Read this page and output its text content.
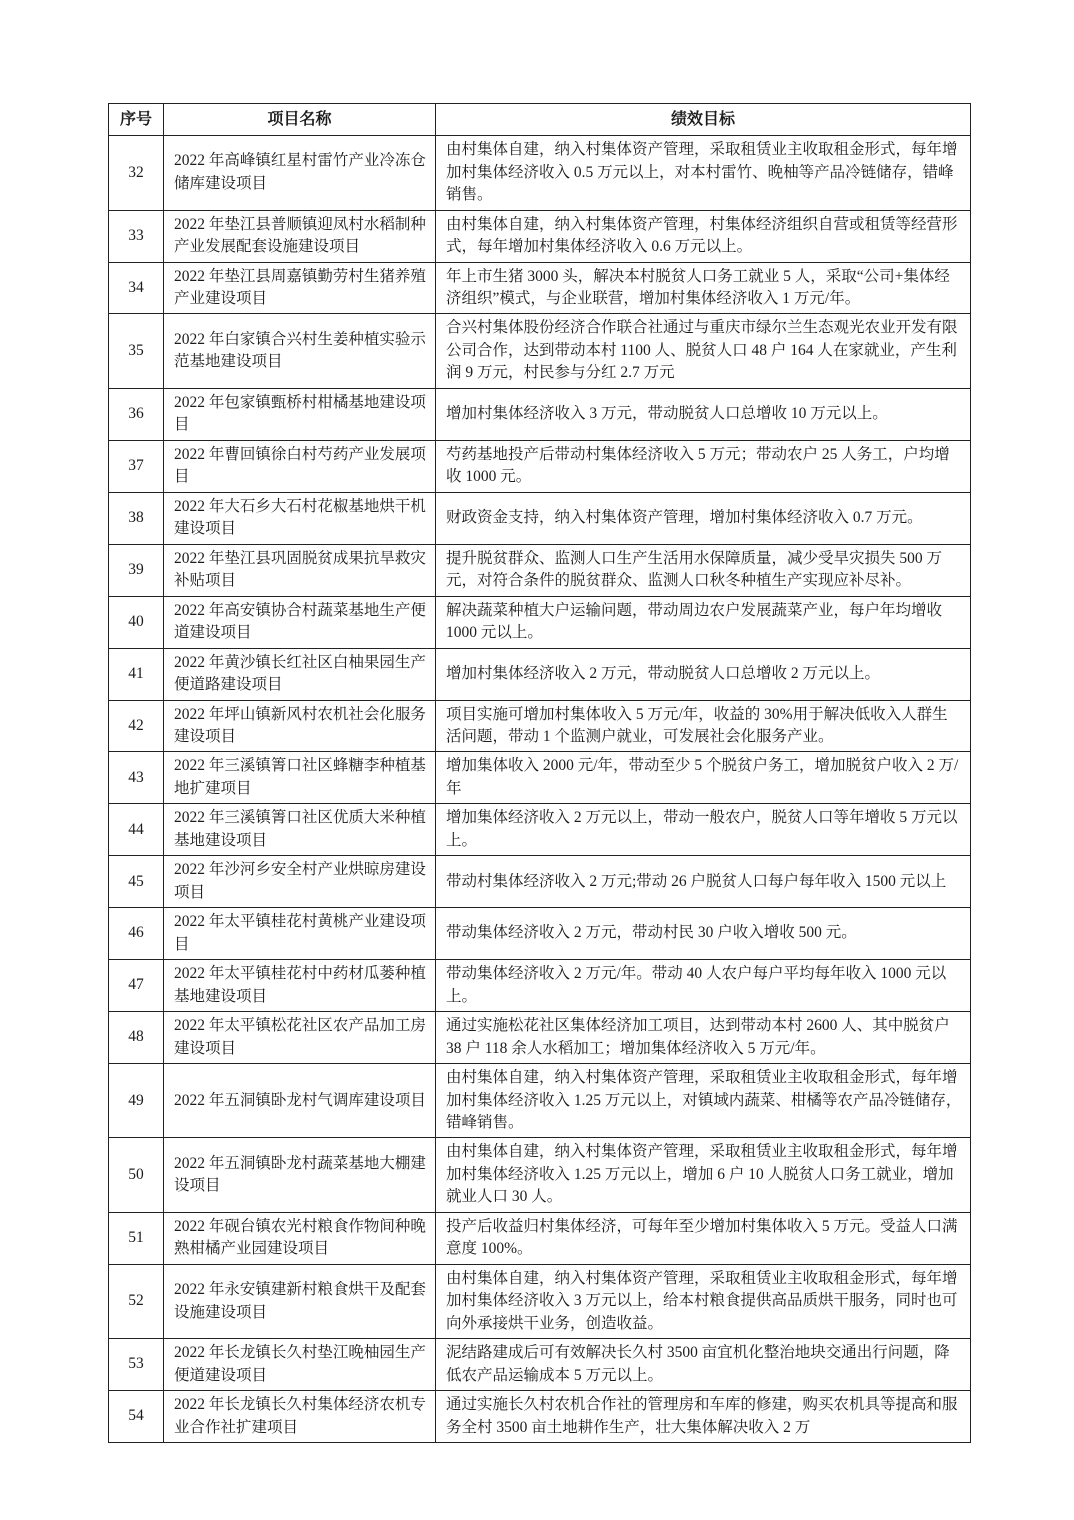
序号	项目名称	绩效目标
32	2022 年高峰镇红星村雷竹产业冷冻仓储库建设项目	由村集体自建，纳入村集体资产管理，采取租赁业主收取租金形式，每年增加村集体经济收入 0.5 万元以上，对本村雷竹、晚柚等产品冷链储存，错峰销售。
33	2022 年垫江县普顺镇迎凤村水稻制种产业发展配套设施建设项目	由村集体自建，纳入村集体资产管理，村集体经济组织自营或租赁等经营形式，每年增加村集体经济收入 0.6 万元以上。
34	2022 年垫江县周嘉镇勤劳村生猪养殖产业建设项目	年上市生猪 3000 头，解决本村脱贫人口务工就业 5 人，采取“公司+集体经济组织”模式，与企业联营，增加村集体经济收入 1 万元/年。
35	2022 年白家镇合兴村生姜种植实验示范基地建设项目	合兴村集体股份经济合作联合社通过与重庆市绿尔兰生态观光农业开发有限公司合作，达到带动本村 1100 人、脱贫人口 48 户 164 人在家就业，产生利润 9 万元，村民参与分红 2.7 万元
36	2022 年包家镇甄桥村柑橘基地建设项目	增加村集体经济收入 3 万元，带动脱贫人口总增收 10 万元以上。
37	2022 年曹回镇徐白村芍药产业发展项目	芍药基地投产后带动村集体经济收入 5 万元；带动农户 25 人务工，户均增收 1000 元。
38	2022 年大石乡大石村花椒基地烘干机建设项目	财政资金支持，纳入村集体资产管理，增加村集体经济收入 0.7 万元。
39	2022 年垫江县巩固脱贫成果抗旱救灾补贴项目	提升脱贫群众、监测人口生产生活用水保障质量，减少受旱灾损失 500 万元，对符合条件的脱贫群众、监测人口秋冬种植生产实现应补尽补。
40	2022 年高安镇协合村蔬菜基地生产便道建设项目	解决蔬菜种植大户运输问题，带动周边农户发展蔬菜产业，每户年均增收 1000 元以上。
41	2022 年黄沙镇长红社区白柚果园生产便道路建设项目	增加村集体经济收入 2 万元，带动脱贫人口总增收 2 万元以上。
42	2022 年坪山镇新风村农机社会化服务建设项目	项目实施可增加村集体收入 5 万元/年，收益的 30%用于解决低收入人群生活问题，带动 1 个监测户就业，可发展社会化服务产业。
43	2022 年三溪镇箐口社区蜂糖李种植基地扩建项目	增加集体收入 2000 元/年，带动至少 5 个脱贫户务工，增加脱贫户收入 2 万/年
44	2022 年三溪镇箐口社区优质大米种植基地建设项目	增加集体经济收入 2 万元以上，带动一般农户，脱贫人口等年增收 5 万元以上。
45	2022 年沙河乡安全村产业烘晾房建设项目	带动村集体经济收入 2 万元;带动 26 户脱贫人口每户每年收入 1500 元以上
46	2022 年太平镇桂花村黄桃产业建设项目	带动集体经济收入 2 万元，带动村民 30 户收入增收 500 元。
47	2022 年太平镇桂花村中药材瓜蒌种植基地建设项目	带动集体经济收入 2 万元/年。带动 40 人农户每户平均每年收入 1000 元以上。
48	2022 年太平镇松花社区农产品加工房建设项目	通过实施松花社区集体经济加工项目，达到带动本村 2600 人、其中脱贫户 38 户 118 余人水稻加工；增加集体经济收入 5 万元/年。
49	2022 年五洞镇卧龙村气调库建设项目	由村集体自建，纳入村集体资产管理，采取租赁业主收取租金形式，每年增加村集体经济收入 1.25 万元以上，对镇域内蔬菜、柑橘等农产品冷链储存，错峰销售。
50	2022 年五洞镇卧龙村蔬菜基地大棚建设项目	由村集体自建，纳入村集体资产管理，采取租赁业主收取租金形式，每年增加村集体经济收入 1.25 万元以上，增加 6 户 10 人脱贫人口务工就业，增加就业人口 30 人。
51	2022 年砚台镇农光村粮食作物间种晚熟柑橘产业园建设项目	投产后收益归村集体经济，可每年至少增加村集体收入 5 万元。受益人口满意度 100%。
52	2022 年永安镇建新村粮食烘干及配套设施建设项目	由村集体自建，纳入村集体资产管理，采取租赁业主收取租金形式，每年增加村集体经济收入 3 万元以上，给本村粮食提供高品质烘干服务，同时也可向外承接烘干业务，创造收益。
53	2022 年长龙镇长久村垫江晚柚园生产便道建设项目	泥结路建成后可有效解决长久村 3500 亩宜机化整治地块交通出行问题，降低农产品运输成本 5 万元以上。
54	2022 年长龙镇长久村集体经济农机专业合作社扩建项目	通过实施长久村农机合作社的管理房和车库的修建，购买农机具等提高和服务全村 3500 亩土地耕作生产，壮大集体解决收入 2 万
